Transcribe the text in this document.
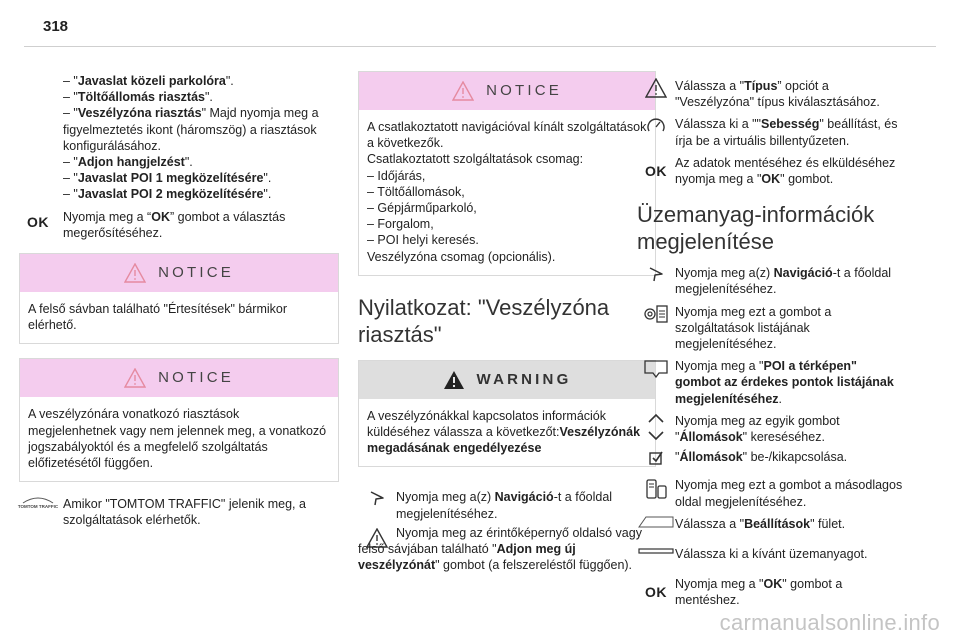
318

– "Javaslat közeli parkolóra".

– "Töltőállomás riasztás".

– "Veszélyzóna riasztás" Majd nyomja meg a figyelmeztetés ikont (háromszög) a riasztások konfigurálásához.

– "Adjon hangjelzést".

– "Javaslat POI 1 megközelítésére".

– "Javaslat POI 2 megközelítésére".

OK Nyomja meg a “OK” gombot a választás megerősítéséhez.

NOTICE
A felső sávban található "Értesítések" bármikor elérhető.
NOTICE
A veszélyzónára vonatkozó riasztások megjelenhetnek vagy nem jelennek meg, a vonatkozó jogszabályoktól és a megfelelő szolgáltatás előfizetésétől függően.
TOMTOM TRAFFIC Amikor "TOMTOM TRAFFIC" jelenik meg, a szolgáltatások elérhetők.

NOTICE

A csatlakoztatott navigációval kínált szolgáltatások a következők.

Csatlakoztatott szolgáltatások csomag:

– Időjárás,

– Töltőállomások,

– Gépjárműparkoló,

– Forgalom,

– POI helyi keresés.

Veszélyzóna csomag (opcionális).

Nyilatkozat: "Veszélyzóna riasztás"
WARNING
A veszélyzónákkal kapcsolatos információk küldéséhez válassza a következőt:Veszélyzónák megadásának engedélyezése

Nyomja meg a(z) Navigáció-t a főoldal megjelenítéséhez.

Nyomja meg az érintőképernyő oldalsó vagy felső sávjában található "Adjon meg új veszélyzónát" gombot (a felszereléstől függően).

Válassza a "Típus” opciót a "Veszélyzóna" típus kiválasztásához.

Válassza ki a ""Sebesség" beállítást, és írja be a virtuális billentyűzeten.

OK Az adatok mentéséhez és elküldéséhez nyomja meg a "OK" gombot.

Üzemanyag-információk megjelenítése

Nyomja meg a(z) Navigáció-t a főoldal megjelenítéséhez.

Nyomja meg ezt a gombot a szolgáltatások listájának megjelenítéséhez.

Nyomja meg a "POI a térképen" gombot az érdekes pontok listájának megjelenítéséhez.

Nyomja meg az egyik gombot "Állomások" kereséséhez.

"Állomások" be-/kikapcsolása.

Nyomja meg ezt a gombot a másodlagos oldal megjelenítéséhez.

Válassza a "Beállítások" fület.

Válassza ki a kívánt üzemanyagot.

OK Nyomja meg a "OK" gombot a mentéshez.

carmanualsonline.info
